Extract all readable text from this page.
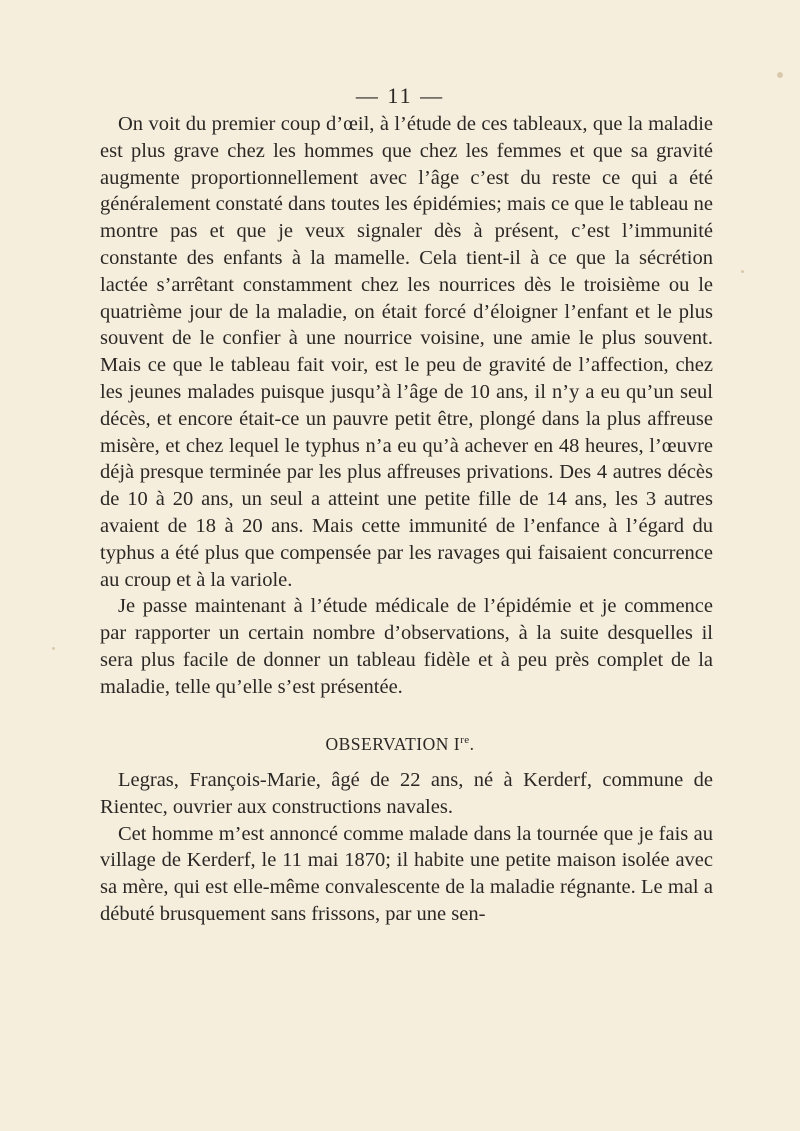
— 11 —

On voit du premier coup d’œil, à l’étude de ces tableaux, que la maladie est plus grave chez les hommes que chez les femmes et que sa gravité augmente proportionnellement avec l’âge c’est du reste ce qui a été généralement constaté dans toutes les épidémies; mais ce que le tableau ne montre pas et que je veux signaler dès à présent, c’est l’immunité constante des enfants à la mamelle. Cela tient-il à ce que la sécrétion lactée s’arrêtant constamment chez les nourrices dès le troisième ou le quatrième jour de la maladie, on était forcé d’éloigner l’enfant et le plus souvent de le confier à une nourrice voisine, une amie le plus souvent. Mais ce que le tableau fait voir, est le peu de gravité de l’affection, chez les jeunes malades puisque jusqu’à l’âge de 10 ans, il n’y a eu qu’un seul décès, et encore était-ce un pauvre petit être, plongé dans la plus affreuse misère, et chez lequel le typhus n’a eu qu’à achever en 48 heures, l’œuvre déjà presque terminée par les plus affreuses privations. Des 4 autres décès de 10 à 20 ans, un seul a atteint une petite fille de 14 ans, les 3 autres avaient de 18 à 20 ans. Mais cette immunité de l’enfance à l’égard du typhus a été plus que compensée par les ravages qui faisaient concurrence au croup et à la variole.

Je passe maintenant à l’étude médicale de l’épidémie et je commence par rapporter un certain nombre d’observations, à la suite desquelles il sera plus facile de donner un tableau fidèle et à peu près complet de la maladie, telle qu’elle s’est présentée.

OBSERVATION Ire.

Legras, François-Marie, âgé de 22 ans, né à Kerderf, commune de Rientec, ouvrier aux constructions navales.

Cet homme m’est annoncé comme malade dans la tournée que je fais au village de Kerderf, le 11 mai 1870; il habite une petite maison isolée avec sa mère, qui est elle-même convalescente de la maladie régnante. Le mal a débuté brusquement sans frissons, par une sen-
